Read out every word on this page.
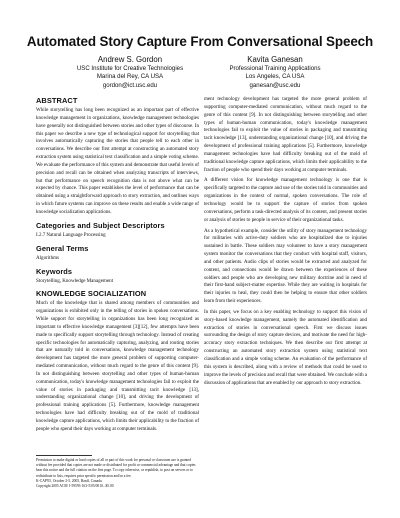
Automated Story Capture From Conversational Speech
Andrew S. Gordon
USC Institute for Creative Technologies
Marina del Rey, CA USA
gordon@ict.usc.edu
Kavita Ganesan
Professional Training Applications
Los Angeles, CA USA
ganesan@usc.edu
ABSTRACT

While storytelling has long been recognized as an important part of effective knowledge management in organizations, knowledge management technologies have generally not distinguished between stories and other types of discourse. In this paper we describe a new type of technological support for storytelling that involves automatically capturing the stories that people tell to each other in conversations. We describe our first attempt at constructing an automated story extraction system using statistical text classification and a simple voting scheme. We evaluate the performance of this system and demonstrate that useful levels of precision and recall can be obtained when analyzing transcripts of interviews, but that performance on speech recognition data is not above what can be expected by chance. This paper establishes the level of performance that can be obtained using a straightforward approach to story extraction, and outlines ways in which future systems can improve on these results and enable a wide range of knowledge socialization applications.

Categories and Subject Descriptors

I.2.7 Natural Language Processing

General Terms

Algorithms

Keywords

Storytelling, Knowledge Management

KNOWLEDGE SOCIALIZATION

Much of the knowledge that is shared among members of communities and organizations is exhibited only in the telling of stories in spoken conversations. While support for storytelling in organizations has been long recognized as important to effective knowledge management [3][12], few attempts have been made to specifically support storytelling through technology. Instead of creating specific technologies for automatically capturing, analyzing, and routing stories that are naturally told in conversations, knowledge management technology development has targeted the more general problem of supporting computer-mediated communication, without much regard to the genre of this content [9]. In not distinguishing between storytelling and other types of human-human communication, today's knowledge management technologies fail to exploit the value of stories in packaging and transmitting tacit knowledge [13], understanding organizational change [10], and driving the development of professional training applications [5]. Furthermore, knowledge management technologies have had difficulty breaking out of the mold of traditional knowledge capture applications, which limits their applicability to the fraction of people who spend their days working at computer terminals.

Permission to make digital or hard copies of all or part of this work for personal or classroom use is granted without fee provided that copies are not made or distributed for profit or commercial advantage and that copies bear this notice and the full citation on the first page. To copy otherwise, or republish, to post on servers or to redistribute to lists, requires prior specific permission and/or a fee.
K-CAP'05, October 2-5, 2005, Banff, Canada.
Copyright 2005 ACM 1-59593-163-5/05/0010...$5.00

ment technology development has targeted the more general problem of supporting computer-mediated communication, without much regard to the genre of this content [9]. In not distinguishing between storytelling and other types of human-human communication, today's knowledge management technologies fail to exploit the value of stories in packaging and transmitting tacit knowledge [13], understanding organizational change [10], and driving the development of professional training applications [5]. Furthermore, knowledge management technologies have had difficulty breaking out of the mold of traditional knowledge capture applications, which limits their applicability to the fraction of people who spend their days working at computer terminals.

A different vision for knowledge management technology is one that is specifically targeted to the capture and use of the stories told in communities and organizations in the context of normal, spoken conversations. The role of technology would be to support the capture of stories from spoken conversations, perform a task-directed analysis of its content, and present stories or analysis of stories to people in service of their organizational tasks.

As a hypothetical example, consider the utility of story management technology for militaries with active-duty soldiers who are hospitalized due to injuries sustained in battle. These soldiers may volunteer to have a story management system monitor the conversations that they conduct with hospital staff, visitors, and other patients. Audio clips of stories would be extracted and analyzed for content, and connections would be drawn between the experiences of these soldiers and people who are developing new military doctrine and in need of their first-hand subject-matter expertise. While they are waiting in hospitals for their injuries to heal, they could then be helping to ensure that other soldiers learn from their experiences.

In this paper, we focus on a key enabling technology to support this vision of story-based knowledge management, namely the automated identification and extraction of stories in conversational speech. First we discuss issues surrounding the design of story capture devices, and motivate the need for high-accuracy story extraction techniques. We then describe our first attempt at constructing an automated story extraction system using statistical text classification and a simple voting scheme. An evaluation of the performance of this system is described, along with a review of methods that could be used to improve the levels of precision and recall that were obtained. We conclude with a discussion of applications that are enabled by our approach to story extraction.
